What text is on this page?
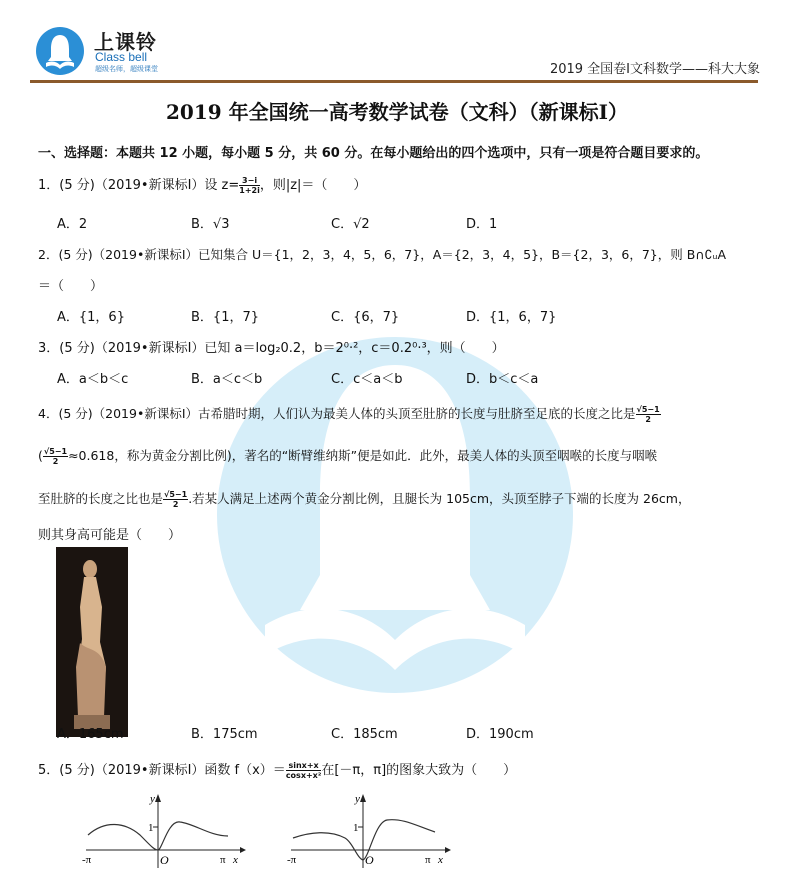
上课铃
Class bell
超级名师，超级课堂	2019 全国卷Ⅰ文科数学——科大大象
2019 年全国统一高考数学试卷（文科）（新课标Ⅰ）
一、选择题：本题共 12 小题，每小题 5 分，共 60 分。在每小题给出的四个选项中，只有一项是符合题目要求的。
1．(5 分)（2019•新课标Ⅰ）设 $z= \frac{3-i}{1+2i}$ ，则|z|＝（　　）
A．2	B．√3	C．√2	D．1
2．(5 分)（2019•新课标Ⅰ）已知集合 U＝{1，2，3，4，5，6，7}，A＝{2，3，4，5}，B＝{2，3，6，7}，则 B∩∁ᵤA
＝（　　）
A．{1，6}	B．{1，7}	C．{6，7}	D．{1，6，7}
3．(5 分)（2019•新课标Ⅰ）已知 a＝log₂0.2，b＝2⁰·²，c＝0.2⁰·³，则（　　）
A．a＜b＜c	B．a＜c＜b	C．c＜a＜b	D．b＜c＜a
4．(5 分)（2019•新课标Ⅰ）古希腊时期，人们认为最美人体的头顶至肚脐的长度与肚脐至足底的长度之比是 $\frac{√5-1}{2}$
( $\frac{√5-1}{2} \approx 0.618$，称为黄金分割比例)，著名的“断臂维纳斯”便是如此．此外，最美人体的头顶至咽喉的长度与咽喉
至肚脐的长度之比也是 $\frac{√5-1}{2}$ .若某人满足上述两个黄金分割比例，且腿长为 105cm，头顶至脖子下端的长度为 26cm，
则其身高可能是（　　）
A．165cm	B．175cm	C．185cm	D．190cm
5．(5 分)（2019•新课标Ⅰ）函数 $f(x)= \frac{\sin x+x}{\text{cosx+x²}}$ 在[－π，π]的图象大致为（　　）
y
1
-π	O	π x
y
1
-π	O	π x
